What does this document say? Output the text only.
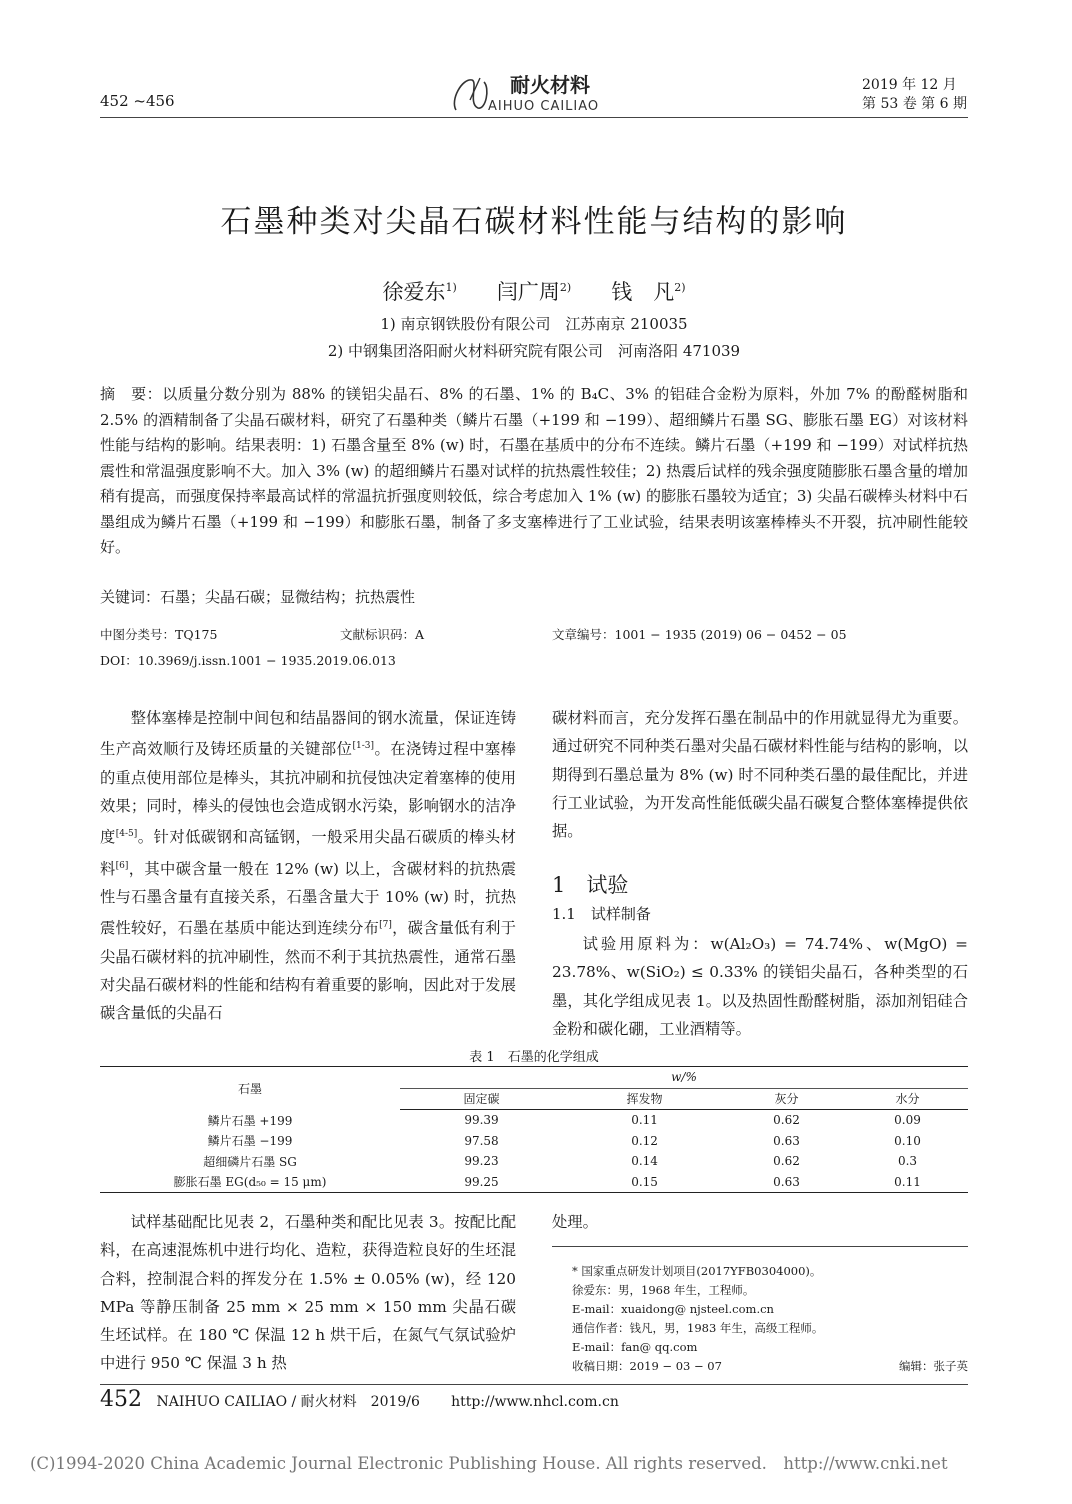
452 ~456
耐火材料
AIHUO CAILIAO
2019 年 12 月
第 53 卷 第 6 期
石墨种类对尖晶石碳材料性能与结构的影响
徐爱东$^{1)}$ 闫广周$^{2)}$ 钱　凡$^{2)}$
1) 南京钢铁股份有限公司　江苏南京 210035
2) 中钢集团洛阳耐火材料研究院有限公司　河南洛阳 471039
摘　要：以质量分数分别为 88% 的镁铝尖晶石、8% 的石墨、1% 的 B₄C、3% 的铝硅合金粉为原料，外加 7% 的酚醛树脂和 2.5% 的酒精制备了尖晶石碳材料，研究了石墨种类（鳞片石墨（+199 和 −199）、超细鳞片石墨 SG、膨胀石墨 EG）对该材料性能与结构的影响。结果表明：1) 石墨含量至 8% (w) 时，石墨在基质中的分布不连续。鳞片石墨（+199 和 −199）对试样抗热震性和常温强度影响不大。加入 3% (w) 的超细鳞片石墨对试样的抗热震性较佳；2) 热震后试样的残余强度随膨胀石墨含量的增加稍有提高，而强度保持率最高试样的常温抗折强度则较低，综合考虑加入 1% (w) 的膨胀石墨较为适宜；3) 尖晶石碳棒头材料中石墨组成为鳞片石墨（+199 和 −199）和膨胀石墨，制备了多支塞棒进行了工业试验，结果表明该塞棒棒头不开裂，抗冲刷性能较好。
关键词：石墨；尖晶石碳；显微结构；抗热震性
中图分类号：TQ175	文献标识码：A	文章编号：1001 − 1935 (2019) 06 − 0452 − 05
DOI：10.3969/j.issn.1001 − 1935.2019.06.013
整体塞棒是控制中间包和结晶器间的钢水流量，保证连铸生产高效顺行及铸坯质量的关键部位[1-3]。在浇铸过程中塞棒的重点使用部位是棒头，其抗冲刷和抗侵蚀决定着塞棒的使用效果；同时，棒头的侵蚀也会造成钢水污染，影响钢水的洁净度[4-5]。针对低碳钢和高锰钢，一般采用尖晶石碳质的棒头材料[6]，其中碳含量一般在 12% (w) 以上，含碳材料的抗热震性与石墨含量有直接关系，石墨含量大于 10% (w) 时，抗热震性较好，石墨在基质中能达到连续分布[7]，碳含量低有利于尖晶石碳材料的抗冲刷性，然而不利于其抗热震性，通常石墨对尖晶石碳材料的性能和结构有着重要的影响，因此对于发展碳含量低的尖晶石
碳材料而言，充分发挥石墨在制品中的作用就显得尤为重要。通过研究不同种类石墨对尖晶石碳材料性能与结构的影响，以期得到石墨总量为 8% (w) 时不同种类石墨的最佳配比，并进行工业试验，为开发高性能低碳尖晶石碳复合整体塞棒提供依据。
1　试验
1.1　试样制备
试验用原料为：w(Al₂O₃) = 74.74%、w(MgO) = 23.78%、w(SiO₂) ≤ 0.33% 的镁铝尖晶石，各种类型的石墨，其化学组成见表 1。以及热固性酚醛树脂，添加剂铝硅合金粉和碳化硼，工业酒精等。
表 1　石墨的化学组成
石墨	w/%			
	固定碳	挥发物	灰分	水分
鳞片石墨 +199	99.39	0.11	0.62	0.09
鳞片石墨 −199	97.58	0.12	0.63	0.10
超细磷片石墨 SG	99.23	0.14	0.62	0.3
膨胀石墨 EG(d₅₀ = 15 μm)	99.25	0.15	0.63	0.11
试样基础配比见表 2，石墨种类和配比见表 3。按配比配料，在高速混炼机中进行均化、造粒，获得造粒良好的生坯混合料，控制混合料的挥发分在 1.5% ± 0.05% (w)，经 120 MPa 等静压制备 25 mm × 25 mm × 150 mm 尖晶石碳生坯试样。在 180 ℃ 保温 12 h 烘干后，在氮气气氛试验炉中进行 950 ℃ 保温 3 h 热
处理。
* 国家重点研发计划项目(2017YFB0304000)。
徐爱东：男，1968 年生，工程师。
E-mail：xuaidong@ njsteel.com.cn
通信作者：钱凡，男，1983 年生，高级工程师。
E-mail：fan@ qq.com
收稿日期：2019 − 03 − 07	编辑：张子英
452 NAIHUO CAILIAO / 耐火材料　2019/6 http://www.nhcl.com.cn
(C)1994-2020 China Academic Journal Electronic Publishing House. All rights reserved.　http://www.cnki.net
